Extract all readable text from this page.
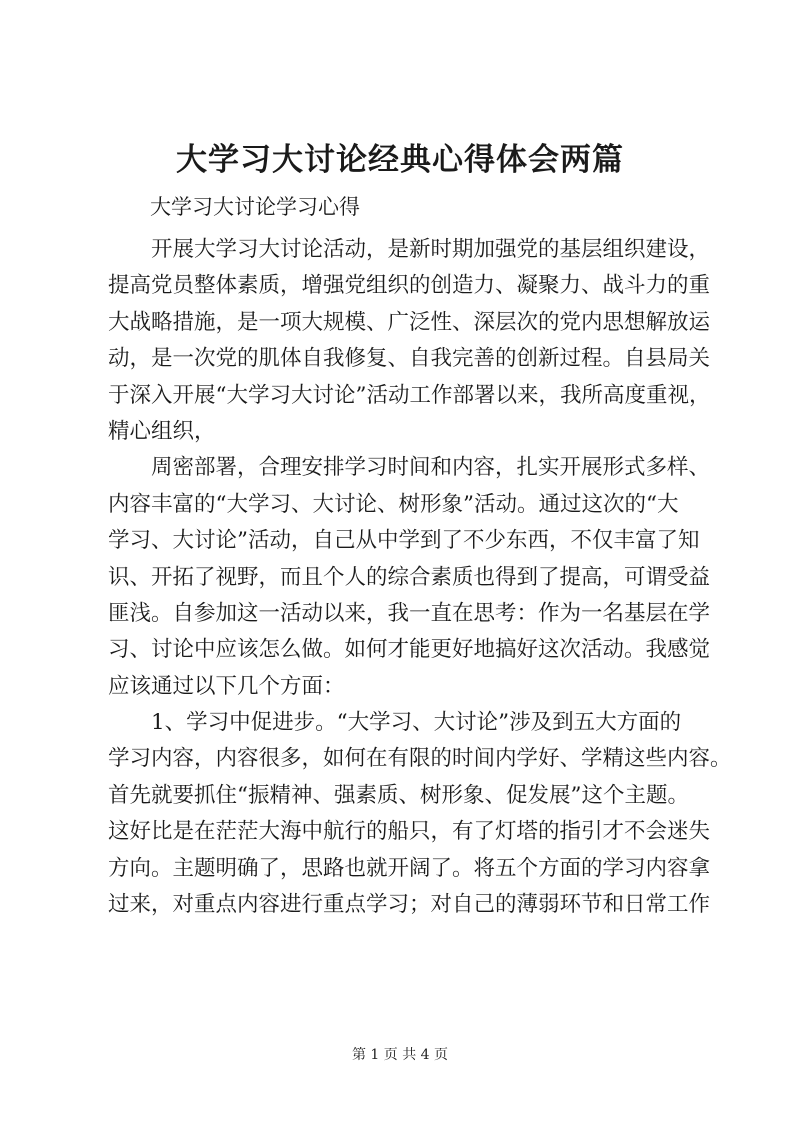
大学习大讨论经典心得体会两篇

大学习大讨论学习心得

开展大学习大讨论活动，是新时期加强党的基层组织建设，
提高党员整体素质，增强党组织的创造力、凝聚力、战斗力的重
大战略措施，是一项大规模、广泛性、深层次的党内思想解放运
动，是一次党的肌体自我修复、自我完善的创新过程。自县局关
于深入开展“大学习大讨论”活动工作部署以来，我所高度重视，
精心组织，
周密部署，合理安排学习时间和内容，扎实开展形式多样、
内容丰富的“大学习、大讨论、树形象”活动。通过这次的“大
学习、大讨论”活动，自己从中学到了不少东西，不仅丰富了知
识、开拓了视野，而且个人的综合素质也得到了提高，可谓受益
匪浅。自参加这一活动以来，我一直在思考：作为一名基层在学
习、讨论中应该怎么做。如何才能更好地搞好这次活动。我感觉
应该通过以下几个方面：
1、学习中促进步。“大学习、大讨论”涉及到五大方面的
学习内容，内容很多，如何在有限的时间内学好、学精这些内容。
首先就要抓住“振精神、强素质、树形象、促发展”这个主题。
这好比是在茫茫大海中航行的船只，有了灯塔的指引才不会迷失
方向。主题明确了，思路也就开阔了。将五个方面的学习内容拿
过来，对重点内容进行重点学习；对自己的薄弱环节和日常工作
第 1 页 共 4 页
